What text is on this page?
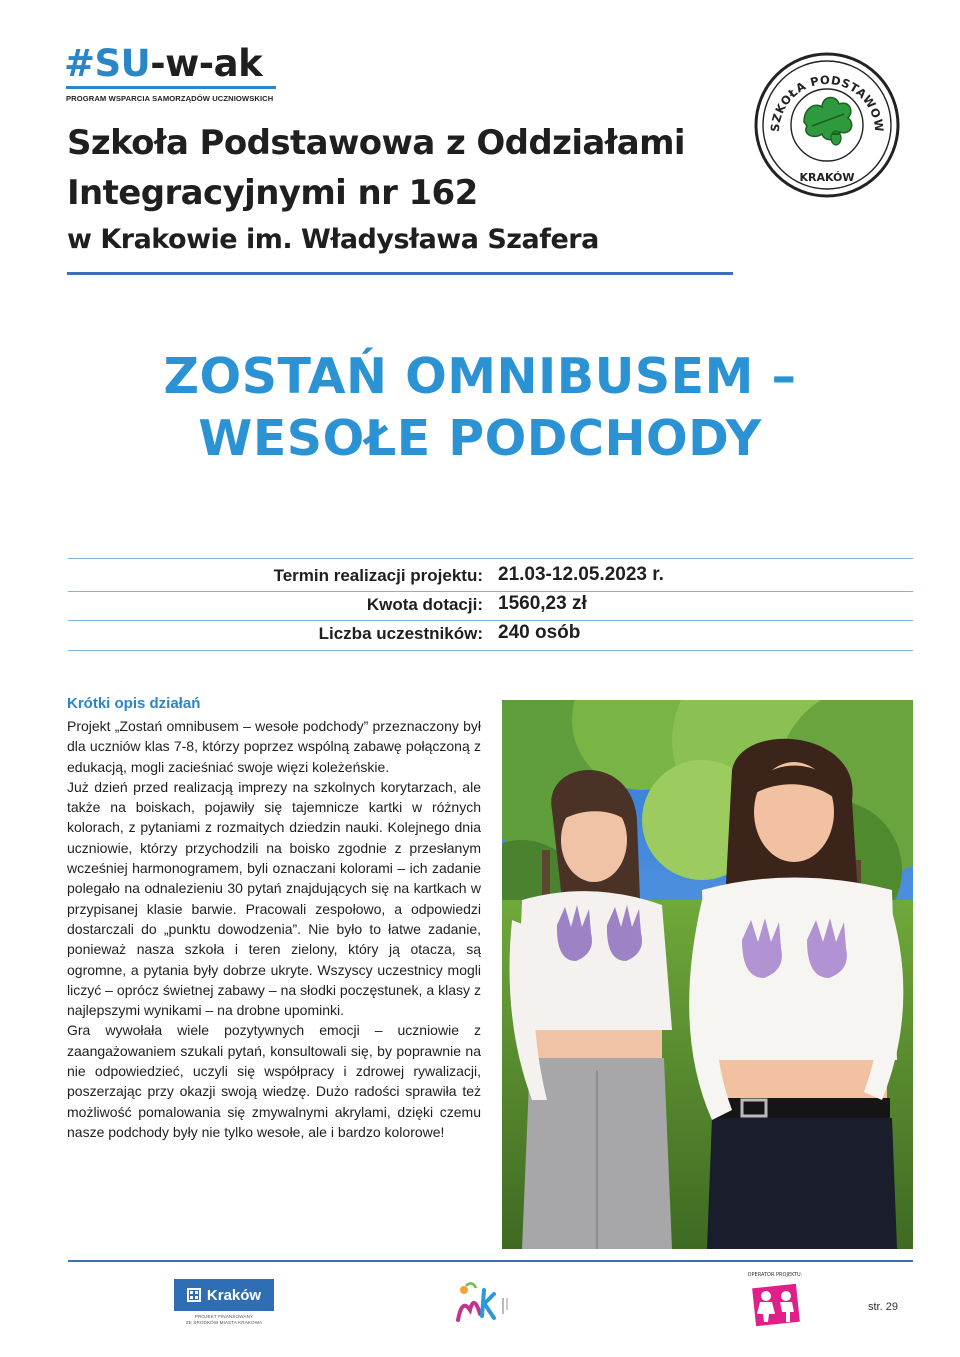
#SU-w-ak
PROGRAM WSPARCIA SAMORZĄDÓW UCZNIOWSKICH
Szkoła Podstawowa z Oddziałami
Integracyjnymi nr 162
w Krakowie im. Władysława Szafera
SZKOŁA PODSTAWOW
KRAKÓW
ZOSTAŃ OMNIBUSEM –
WESOŁE PODCHODY
Termin realizacji projektu: 21.03-12.05.2023 r.
Kwota dotacji: 1560,23 zł
Liczba uczestników: 240 osób
Krótki opis działań

Projekt „Zostań omnibusem – wesołe podchody” przeznaczony był dla uczniów klas 7-8, którzy poprzez wspólną zabawę połączoną z edukacją, mogli zacieśniać swoje więzi koleżeńskie.

Już dzień przed realizacją imprezy na szkolnych korytarzach, ale także na boiskach, pojawiły się tajemnicze kartki w różnych kolorach, z pytaniami z rozmaitych dziedzin nauki. Kolejnego dnia uczniowie, którzy przychodzili na boisko zgodnie z przesłanym wcześniej harmonogramem, byli oznaczani kolorami – ich zadanie polegało na odnalezieniu 30 pytań znajdujących się na kartkach w przypisanej klasie barwie. Pracowali zespołowo, a odpowiedzi dostarczali do „punktu dowodzenia”. Nie było to łatwe zadanie, ponieważ nasza szkoła i teren zielony, który ją otacza, są ogromne, a pytania były dobrze ukryte. Wszyscy uczestnicy mogli liczyć – oprócz świetnej zabawy – na słodki poczęstunek, a klasy z najlepszymi wynikami – na drobne upominki.

Gra wywołała wiele pozytywnych emocji – uczniowie z zaangażowaniem szukali pytań, konsultowali się, by poprawnie na nie odpowiedzieć, uczyli się współpracy i zdrowej rywalizacji, poszerzając przy okazji swoją wiedzę. Dużo radości sprawiła też możliwość pomalowania się zmywalnymi akrylami, dzięki czemu nasze podchody były nie tylko wesołe, ale i bardzo kolorowe!

Kraków
PROJEKT FINANSOWANY
ZE ŚRODKÓW MIASTA KRAKOWA
OPERATOR PROJEKTU:
str. 29
